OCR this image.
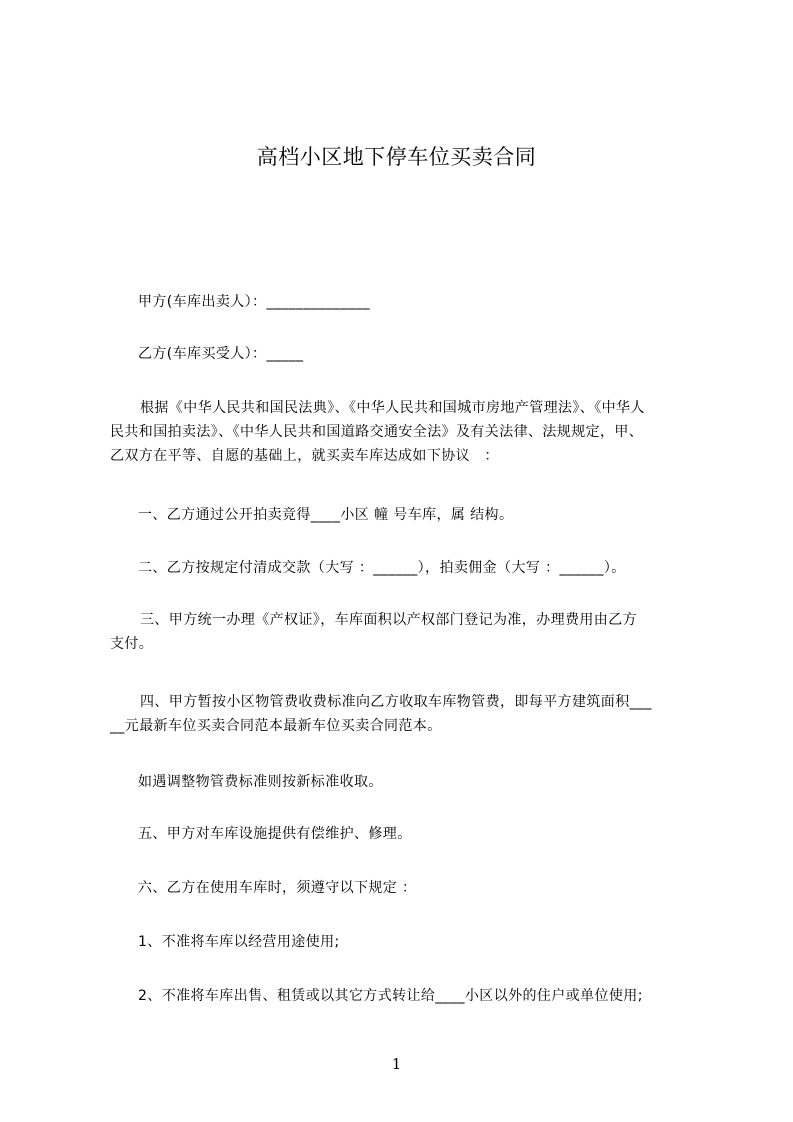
高档小区地下停车位买卖合同
甲方(车库出卖人）：______________
乙方(车库买受人）：_____
根据《中华人民共和国民法典》、《中华人民共和国城市房地产管理法》、《中华人
民共和国拍卖法》、《中华人民共和国道路交通安全法》及有关法律、法规规定，甲、
乙双方在平等、自愿的基础上，就买卖车库达成如下协议　：
一、乙方通过公开拍卖竞得____小区 幢 号车库，属 结构。
二、乙方按规定付清成交款（大写 ：______），拍卖佣金（大写 ：______）。
三、甲方统一办理《产权证》，车库面积以产权部门登记为准，办理费用由乙方
支付。
四、甲方暂按小区物管费收费标准向乙方收取车库物管费，即每平方建筑面积___
__元最新车位买卖合同范本最新车位买卖合同范本。
如遇调整物管费标准则按新标准收取。
五、甲方对车库设施提供有偿维护、修理。
六、乙方在使用车库时，须遵守以下规定 ：
1、不准将车库以经营用途使用;
2、不准将车库出售、租赁或以其它方式转让给____小区以外的住户或单位使用;
1
